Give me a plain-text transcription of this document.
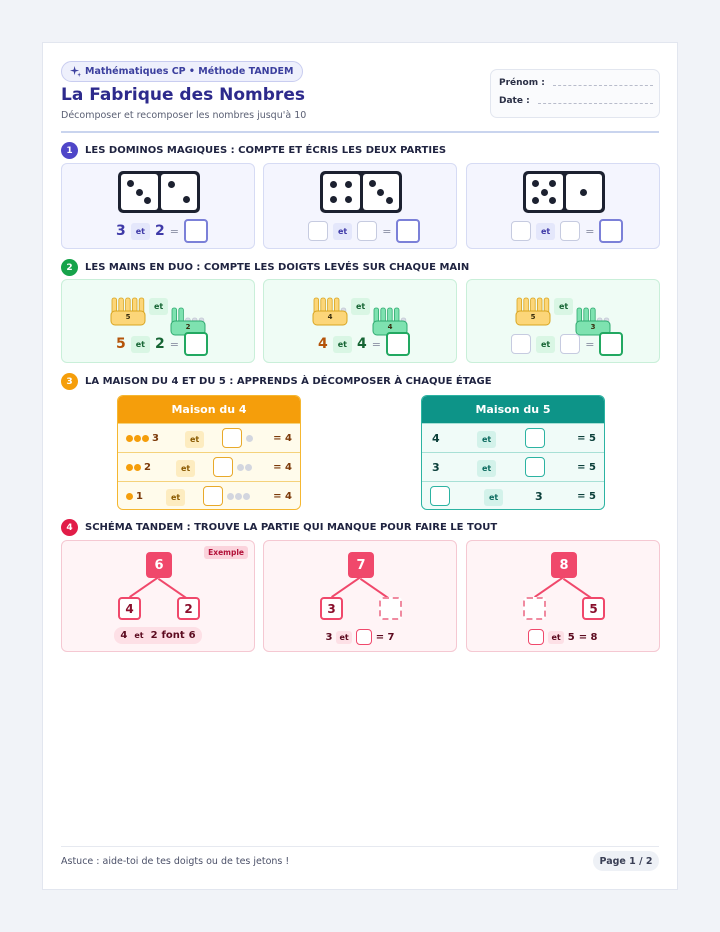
Mathématiques CP • Méthode TANDEM
La Fabrique des Nombres
Décomposer et recomposer les nombres jusqu'à 10
Prénom :
Date :
1	LES DOMINOS MAGIQUES : COMPTE ET ÉCRIS LES DEUX PARTIES
3	et 2 =	et	=	et	=
2	LES MAINS EN DUO : COMPTE LES DOIGTS LEVÉS SUR CHAQUE MAIN
5
et
2
5	et 2 =
4
et
4
4	et 4 =
5
et
3
et	=
3	LA MAISON DU 4 ET DU 5 : APPRENDS À DÉCOMPOSER À CHAQUE ÉTAGE
Maison du 4
3	et	= 4
2	et	= 4
1	et	= 4
Maison du 5
4	et	= 5
3	et	= 5
et	3	= 5
4	SCHÉMA TANDEM : TROUVE LA PARTIE QUI MANQUE POUR FAIRE LE TOUT
Exemple
6
4	2
4 et 2 font 6
7
3
3 et	= 7
8
5
et 5 = 8
Astuce : aide-toi de tes doigts ou de tes jetons !	Page 1 / 2
